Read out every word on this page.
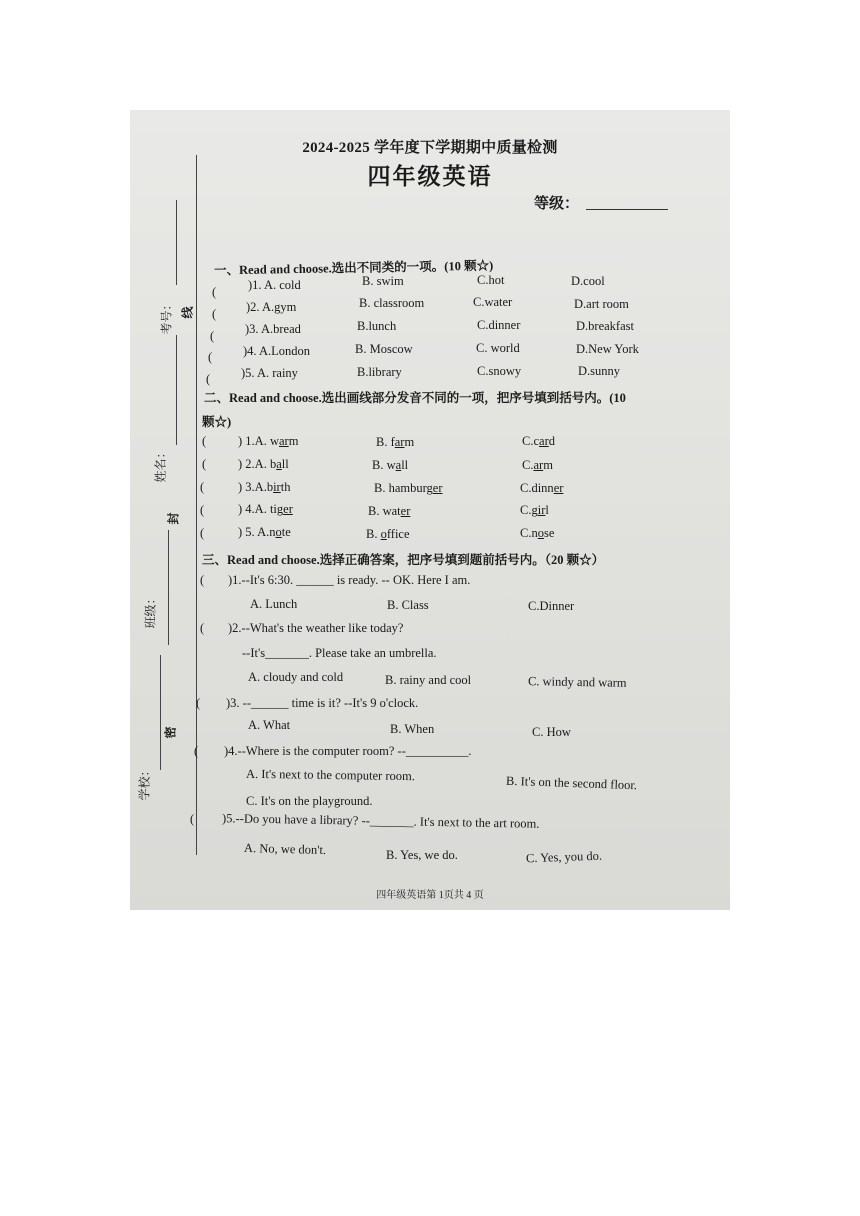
2024-2025 学年度下学期期中质量检测
四年级英语
等级：
考号： 线
姓名：
封
班级：
密
学校：
一、Read and choose.选出不同类的一项。(10 颗☆)
(	)1. A. cold	B. swim	C.hot	D.cool
( )2. A.gym	B. classroom	C.water	D.art room
( )3. A.bread	B.lunch	C.dinner	D.breakfast
( )4. A.London	B. Moscow	C. world	D.New York
( )5. A. rainy	B.library	C.snowy	D.sunny
二、Read and choose.选出画线部分发音不同的一项，把序号填到括号内。(10
颗☆)
(	) 1.A. warm	B. farm	C.card
(	) 2.A. ball	B. wall	C.arm
(	) 3.A.birth	B. hamburger	C.dinner
(	) 4.A. tiger	B. water	C.girl
(	) 5. A.note	B. office	C.nose
三、Read and choose.选择正确答案，把序号填到题前括号内。（20 颗☆）
( )1.--It's 6:30. ______ is ready. -- OK. Here I am.
A. Lunch	B. Class	C.Dinner
( )2.--What's the weather like today?
--It's_______. Please take an umbrella.
A. cloudy and cold	B. rainy and cool	C. windy and warm
( )3. --______ time is it? --It's 9 o'clock.
A. What	B. When	C. How
( )4.--Where is the computer room? --__________.
A. It's next to the computer room.	B. It's on the second floor.
C. It's on the playground.
( )5.--Do you have a library? --_______. It's next to the art room.
A. No, we don't.	B. Yes, we do.	C. Yes, you do.
四年级英语第 1页共 4 页
